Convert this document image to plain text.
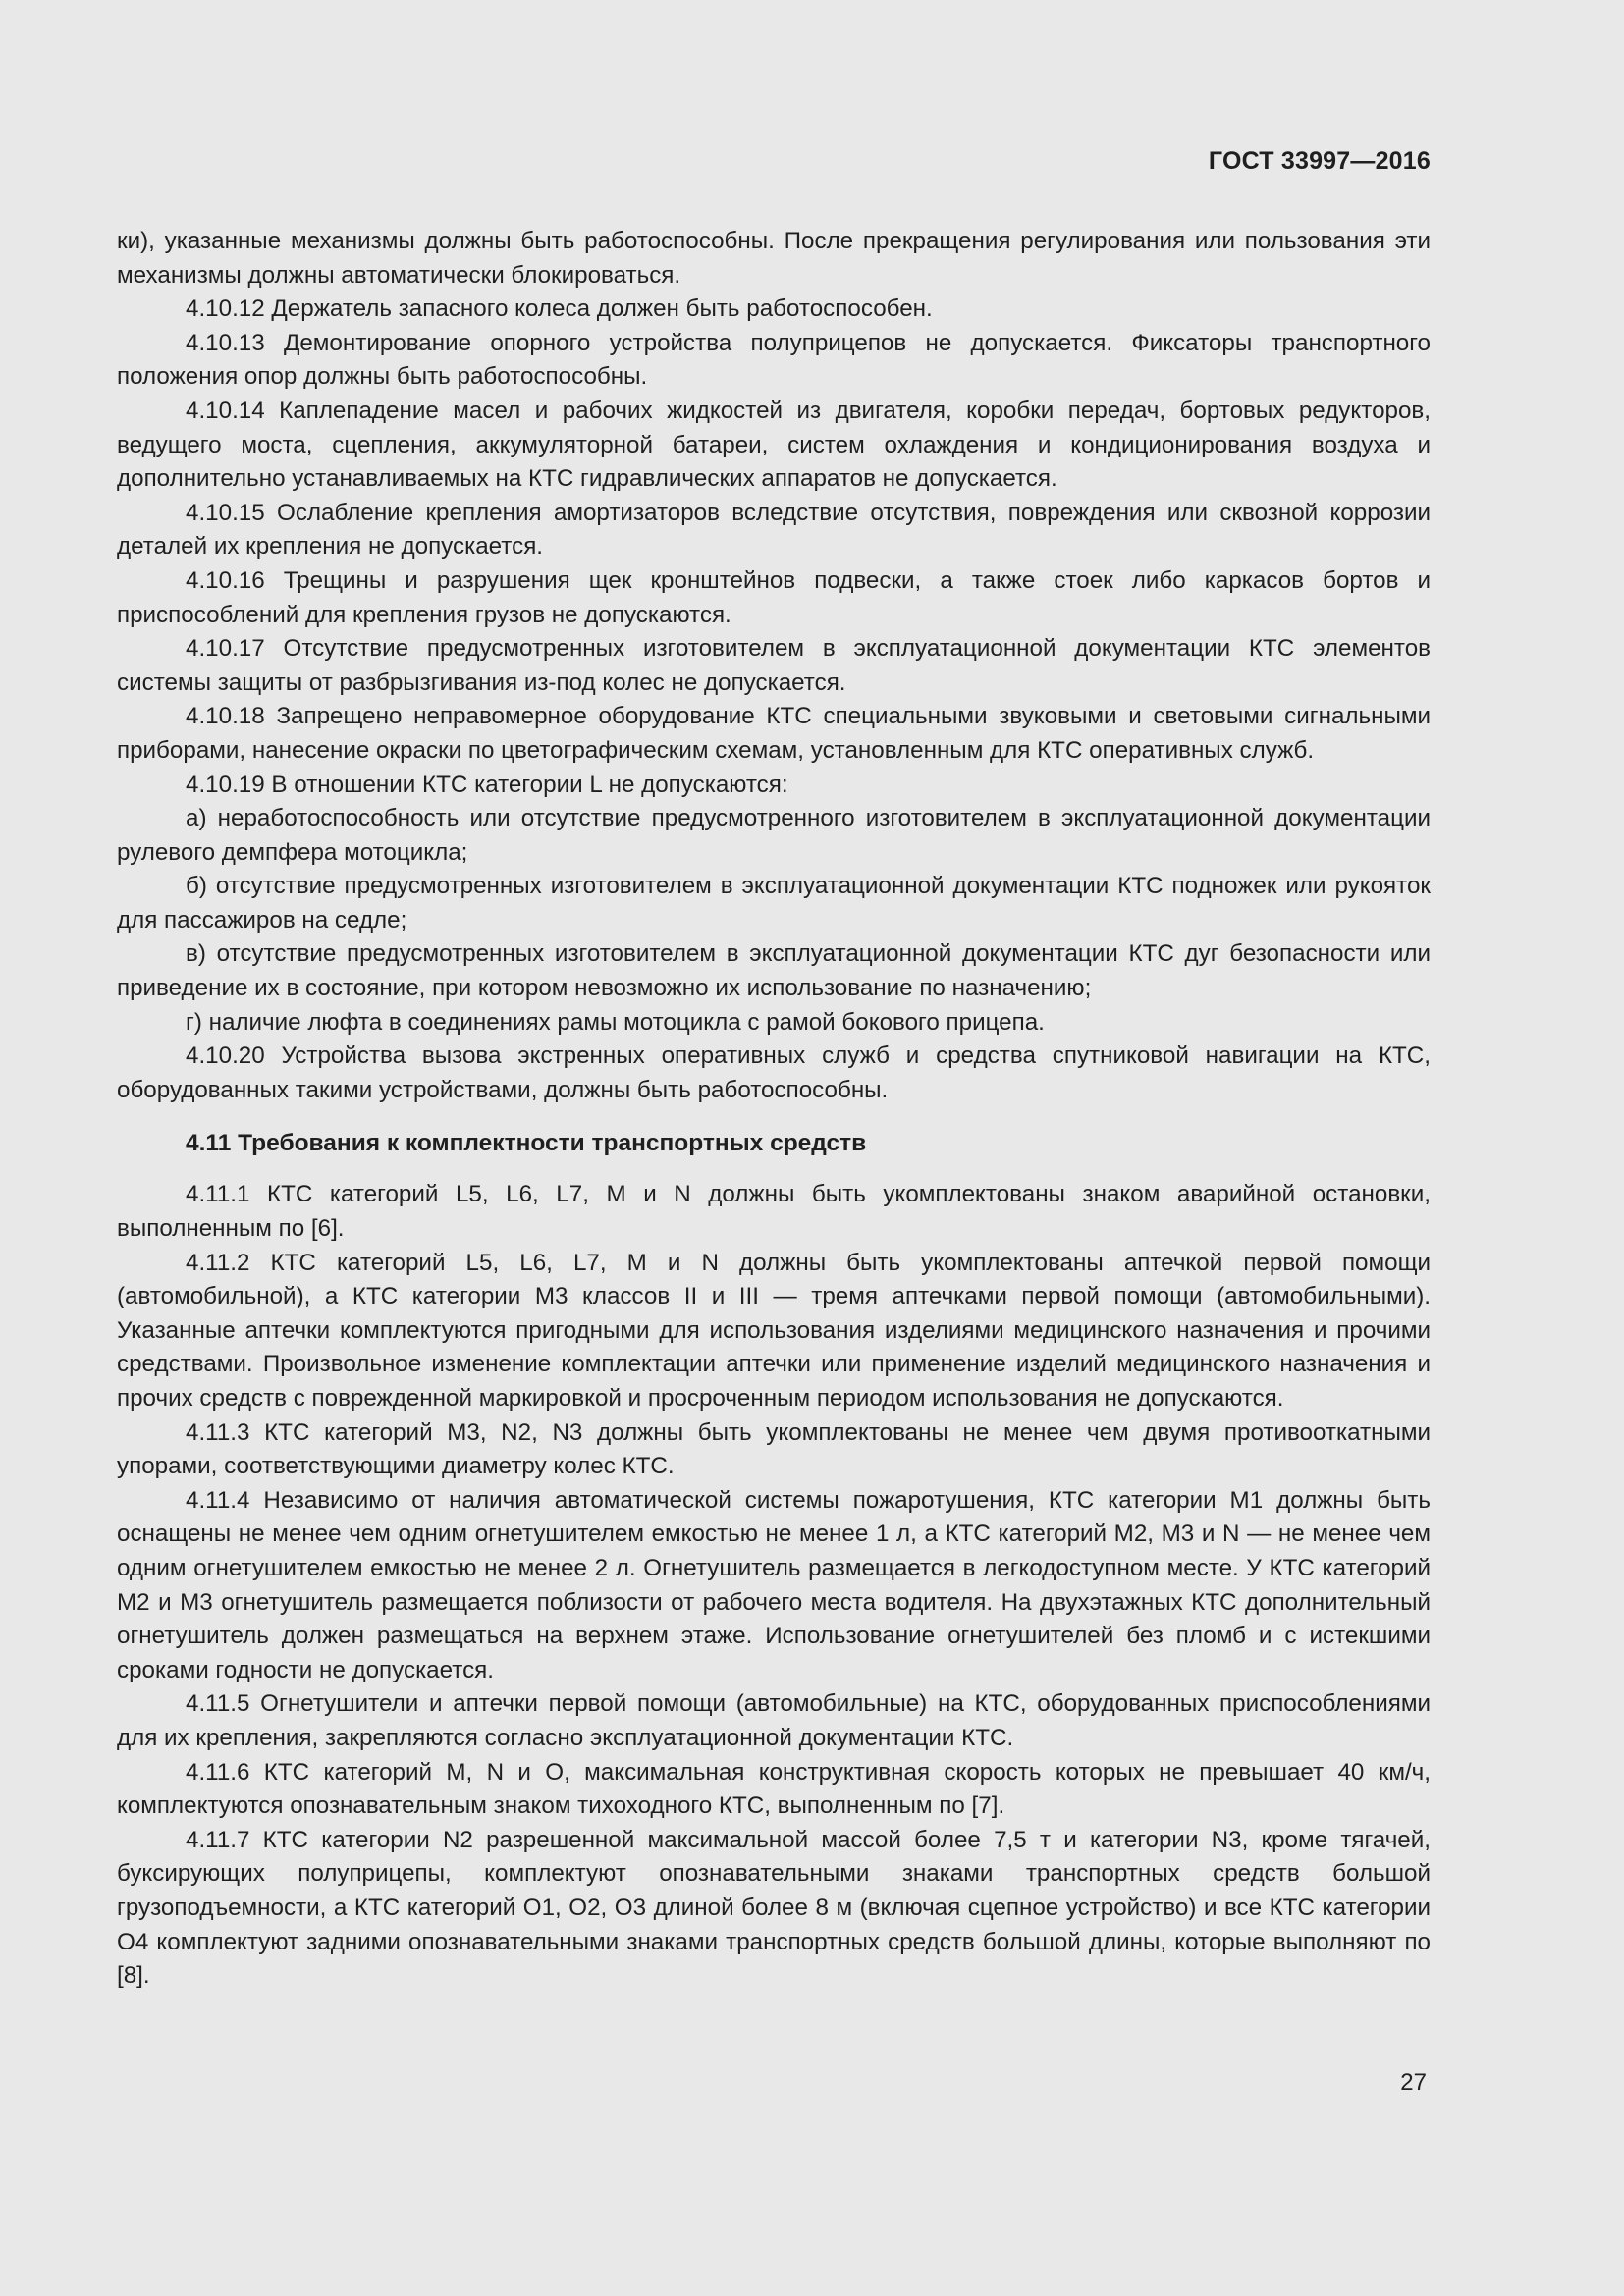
ГОСТ 33997—2016

ки), указанные механизмы должны быть работоспособны. После прекращения регулирования или пользования эти механизмы должны автоматически блокироваться.

4.10.12 Держатель запасного колеса должен быть работоспособен.

4.10.13 Демонтирование опорного устройства полуприцепов не допускается. Фиксаторы транспортного положения опор должны быть работоспособны.

4.10.14 Каплепадение масел и рабочих жидкостей из двигателя, коробки передач, бортовых редукторов, ведущего моста, сцепления, аккумуляторной батареи, систем охлаждения и кондиционирования воздуха и дополнительно устанавливаемых на КТС гидравлических аппаратов не допускается.

4.10.15 Ослабление крепления амортизаторов вследствие отсутствия, повреждения или сквозной коррозии деталей их крепления не допускается.

4.10.16 Трещины и разрушения щек кронштейнов подвески, а также стоек либо каркасов бортов и приспособлений для крепления грузов не допускаются.

4.10.17 Отсутствие предусмотренных изготовителем в эксплуатационной документации КТС элементов системы защиты от разбрызгивания из-под колес не допускается.

4.10.18 Запрещено неправомерное оборудование КТС специальными звуковыми и световыми сигнальными приборами, нанесение окраски по цветографическим схемам, установленным для КТС оперативных служб.

4.10.19 В отношении КТС категории L не допускаются:

а) неработоспособность или отсутствие предусмотренного изготовителем в эксплуатационной документации рулевого демпфера мотоцикла;

б) отсутствие предусмотренных изготовителем в эксплуатационной документации КТС подножек или рукояток для пассажиров на седле;

в) отсутствие предусмотренных изготовителем в эксплуатационной документации КТС дуг безопасности или приведение их в состояние, при котором невозможно их использование по назначению;

г) наличие люфта в соединениях рамы мотоцикла с рамой бокового прицепа.

4.10.20 Устройства вызова экстренных оперативных служб и средства спутниковой навигации на КТС, оборудованных такими устройствами, должны быть работоспособны.

4.11 Требования к комплектности транспортных средств

4.11.1 КТС категорий L5, L6, L7, M и N должны быть укомплектованы знаком аварийной остановки, выполненным по [6].

4.11.2 КТС категорий L5, L6, L7, M и N должны быть укомплектованы аптечкой первой помощи (автомобильной), а КТС категории M3 классов II и III — тремя аптечками первой помощи (автомобильными). Указанные аптечки комплектуются пригодными для использования изделиями медицинского назначения и прочими средствами. Произвольное изменение комплектации аптечки или применение изделий медицинского назначения и прочих средств с поврежденной маркировкой и просроченным периодом использования не допускаются.

4.11.3 КТС категорий M3, N2, N3 должны быть укомплектованы не менее чем двумя противооткатными упорами, соответствующими диаметру колес КТС.

4.11.4 Независимо от наличия автоматической системы пожаротушения, КТС категории M1 должны быть оснащены не менее чем одним огнетушителем емкостью не менее 1 л, а КТС категорий M2, M3 и N — не менее чем одним огнетушителем емкостью не менее 2 л. Огнетушитель размещается в легкодоступном месте. У КТС категорий M2 и M3 огнетушитель размещается поблизости от рабочего места водителя. На двухэтажных КТС дополнительный огнетушитель должен размещаться на верхнем этаже. Использование огнетушителей без пломб и с истекшими сроками годности не допускается.

4.11.5 Огнетушители и аптечки первой помощи (автомобильные) на КТС, оборудованных приспособлениями для их крепления, закрепляются согласно эксплуатационной документации КТС.

4.11.6 КТС категорий M, N и O, максимальная конструктивная скорость которых не превышает 40 км/ч, комплектуются опознавательным знаком тихоходного КТС, выполненным по [7].

4.11.7 КТС категории N2 разрешенной максимальной массой более 7,5 т и категории N3, кроме тягачей, буксирующих полуприцепы, комплектуют опознавательными знаками транспортных средств большой грузоподъемности, а КТС категорий O1, O2, O3 длиной более 8 м (включая сцепное устройство) и все КТС категории O4 комплектуют задними опознавательными знаками транспортных средств большой длины, которые выполняют по [8].

27
